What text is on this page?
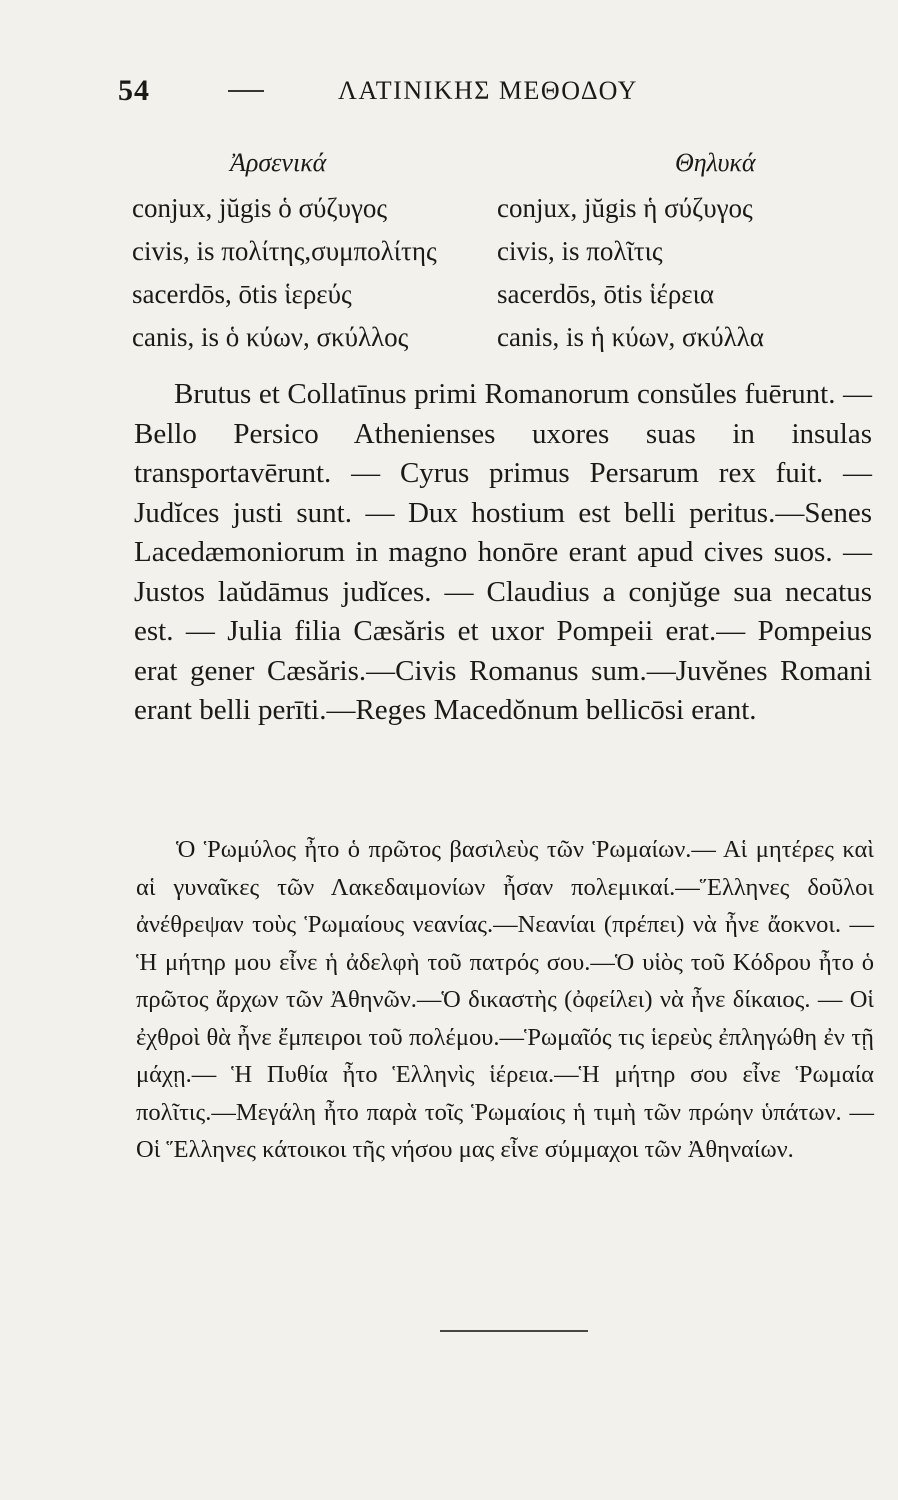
54	ΛΑΤΙΝΙΚΗΣ ΜΕΘΟΔΟΥ
Ἀρσενικά	Θηλυκά
conjux, jŭgis ὁ σύζυγος	conjux, jŭgis ἡ σύζυγος
civis, is πολίτης,συμπολίτης civis, is πολῖτις
sacerdōs, ōtis ἱερεύς	sacerdōs, ōtis ἱέρεια
canis, is ὁ κύων, σκύλλος	canis, is ἡ κύων, σκύλλα

Brutus et Collatīnus primi Romanorum consŭles fuērunt. — Bello Persico Athenienses uxores suas in insulas transportavērunt. — Cyrus primus Persarum rex fuit. — Judĭces justi sunt. — Dux hostium est belli peritus.—Senes Lacedæmoniorum in magno honōre erant apud cives suos. — Justos laŭdāmus judĭces. — Claudius a conjŭge sua necatus est. — Julia filia Cæsăris et uxor Pompeii erat.— Pompeius erat gener Cæsăris.—Civis Romanus sum.—Juvĕnes Romani erant belli perīti.—Reges Macedŏnum bellicōsi erant.

Ὁ Ῥωμύλος ἦτο ὁ πρῶτος βασιλεὺς τῶν Ῥωμαίων.— Αἱ μητέρες καὶ αἱ γυναῖκες τῶν Λακεδαιμονίων ἦσαν πολεμικαί.—Ἕλληνες δοῦλοι ἀνέθρεψαν τοὺς Ῥωμαίους νεανίας.—Νεανίαι (πρέπει) νὰ ἦνε ἄοκνοι. — Ἡ μήτηρ μου εἶνε ἡ ἀδελφὴ τοῦ πατρός σου.—Ὁ υἱὸς τοῦ Κόδρου ἦτο ὁ πρῶτος ἄρχων τῶν Ἀθηνῶν.—Ὁ δικαστὴς (ὀφείλει) νὰ ἦνε δίκαιος. — Οἱ ἐχθροὶ θὰ ἦνε ἔμπειροι τοῦ πολέμου.—Ῥωμαῖός τις ἱερεὺς ἐπληγώθη ἐν τῇ μάχῃ.— Ἡ Πυθία ἦτο Ἑλληνὶς ἱέρεια.—Ἡ μήτηρ σου εἶνε Ῥωμαία πολῖτις.—Μεγάλη ἦτο παρὰ τοῖς Ῥωμαίοις ἡ τιμὴ τῶν πρώην ὑπάτων. — Οἱ Ἕλληνες κάτοικοι τῆς νήσου μας εἶνε σύμμαχοι τῶν Ἀθηναίων.
